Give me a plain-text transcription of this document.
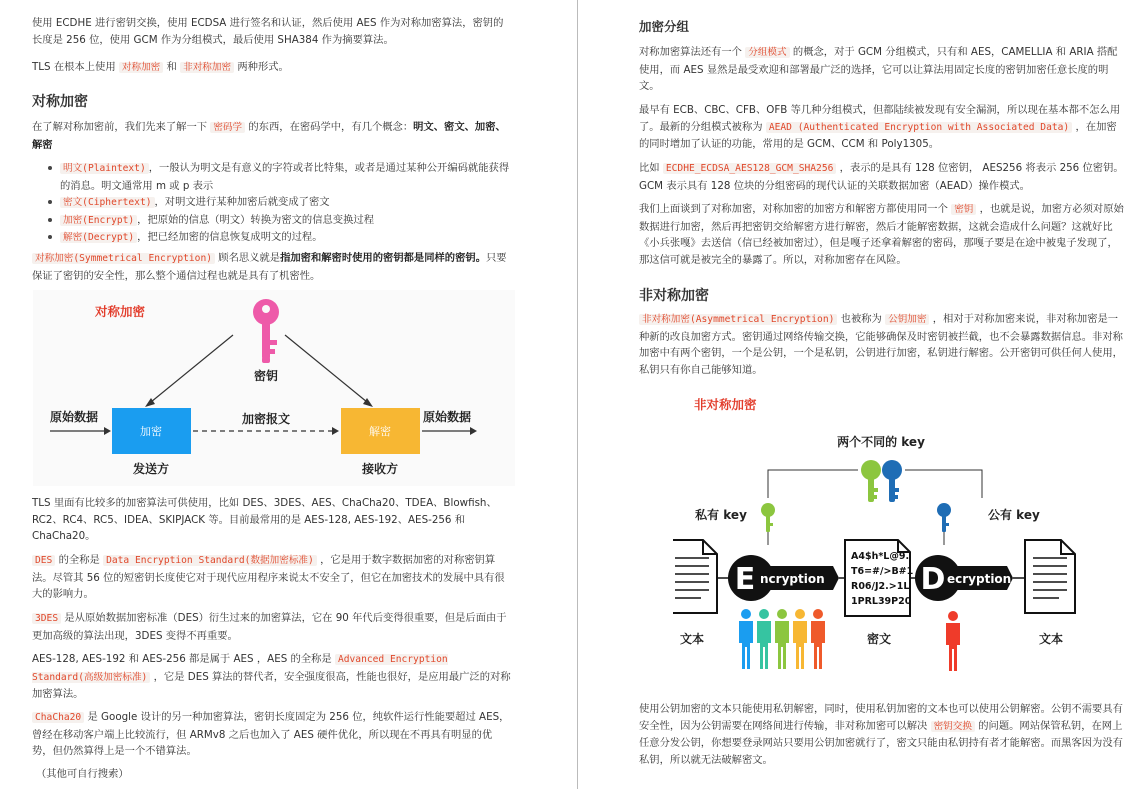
使用 ECDHE 进行密钥交换，使用 ECDSA 进行签名和认证，然后使用 AES 作为对称加密算法，密钥的长度是 256 位，使用 GCM 作为分组模式，最后使用 SHA384 作为摘要算法。

TLS 在根本上使用 对称加密 和 非对称加密 两种形式。

对称加密

在了解对称加密前，我们先来了解一下 密码学 的东西，在密码学中，有几个概念：明文、密文、加密、解密

明文(Plaintext) ，一般认为明文是有意义的字符或者比特集，或者是通过某种公开编码就能获得的消息。明文通常用 m 或 p 表示
密文(Ciphertext) ，对明文进行某种加密后就变成了密文
加密(Encrypt) ，把原始的信息（明文）转换为密文的信息变换过程
解密(Decrypt) ，把已经加密的信息恢复成明文的过程。

对称加密(Symmetrical Encryption) 顾名思义就是指加密和解密时使用的密钥都是同样的密钥。只要保证了密钥的安全性，那么整个通信过程也就是具有了机密性。

对称加密
密钥
原始数据
加密
加密报文
解密
原始数据
发送方	接收方

TLS 里面有比较多的加密算法可供使用，比如 DES、3DES、AES、ChaCha20、TDEA、Blowfish、RC2、RC4、RC5、IDEA、SKIPJACK 等。目前最常用的是 AES-128, AES-192、AES-256 和 ChaCha20。

DES 的全称是 Data Encryption Standard(数据加密标准) ，它是用于数字数据加密的对称密钥算法。尽管其 56 位的短密钥长度使它对于现代应用程序来说太不安全了，但它在加密技术的发展中具有很大的影响力。

3DES 是从原始数据加密标准（DES）衍生过来的加密算法，它在 90 年代后变得很重要，但是后面由于更加高级的算法出现，3DES 变得不再重要。

AES-128, AES-192 和 AES-256 都是属于 AES ，AES 的全称是 Advanced Encryption Standard(高级加密标准) ，它是 DES 算法的替代者，安全强度很高，性能也很好，是应用最广泛的对称加密算法。

ChaCha20 是 Google 设计的另一种加密算法，密钥长度固定为 256 位，纯软件运行性能要超过 AES，曾经在移动客户端上比较流行，但 ARMv8 之后也加入了 AES 硬件优化，所以现在不再具有明显的优势，但仍然算得上是一个不错算法。

（其他可自行搜索）

加密分组

对称加密算法还有一个 分组模式 的概念，对于 GCM 分组模式，只有和 AES，CAMELLIA 和 ARIA 搭配使用，而 AES 显然是最受欢迎和部署最广泛的选择，它可以让算法用固定长度的密钥加密任意长度的明文。

最早有 ECB、CBC、CFB、OFB 等几种分组模式，但都陆续被发现有安全漏洞，所以现在基本都不怎么用了。最新的分组模式被称为 AEAD (Authenticated Encryption with Associated Data) ，在加密的同时增加了认证的功能，常用的是 GCM、CCM 和 Poly1305。

比如 ECDHE_ECDSA_AES128_GCM_SHA256 ，表示的是具有 128 位密钥， AES256 将表示 256 位密钥。GCM 表示具有 128 位块的分组密码的现代认证的关联数据加密（AEAD）操作模式。

我们上面谈到了对称加密，对称加密的加密方和解密方都使用同一个 密钥 ，也就是说，加密方必须对原始数据进行加密，然后再把密钥交给解密方进行解密，然后才能解密数据，这就会造成什么问题？这就好比《小兵张嘎》去送信（信已经被加密过），但是嘎子还拿着解密的密码，那嘎子要是在途中被鬼子发现了，那这信可就是被完全的暴露了。所以，对称加密存在风险。

非对称加密

非对称加密(Asymmetrical Encryption) 也被称为 公钥加密 ，相对于对称加密来说，非对称加密是一种新的改良加密方式。密钥通过网络传输交换，它能够确保及时密钥被拦截，也不会暴露数据信息。非对称加密中有两个密钥，一个是公钥，一个是私钥，公钥进行加密，私钥进行解密。公开密钥可供任何人使用，私钥只有你自己能够知道。

非对称加密
两个不同的 key
私有 key	公有 key
E ncryption
A4$h*L@9.
T6=#/>B#1
R06/J2.>1L
1PRL39P20
D ecryption
文本	密文	文本

使用公钥加密的文本只能使用私钥解密，同时，使用私钥加密的文本也可以使用公钥解密。公钥不需要具有安全性，因为公钥需要在网络间进行传输，非对称加密可以解决 密钥交换 的问题。网站保管私钥，在网上任意分发公钥，你想要登录网站只要用公钥加密就行了，密文只能由私钥持有者才能解密。而黑客因为没有私钥，所以就无法破解密文。
